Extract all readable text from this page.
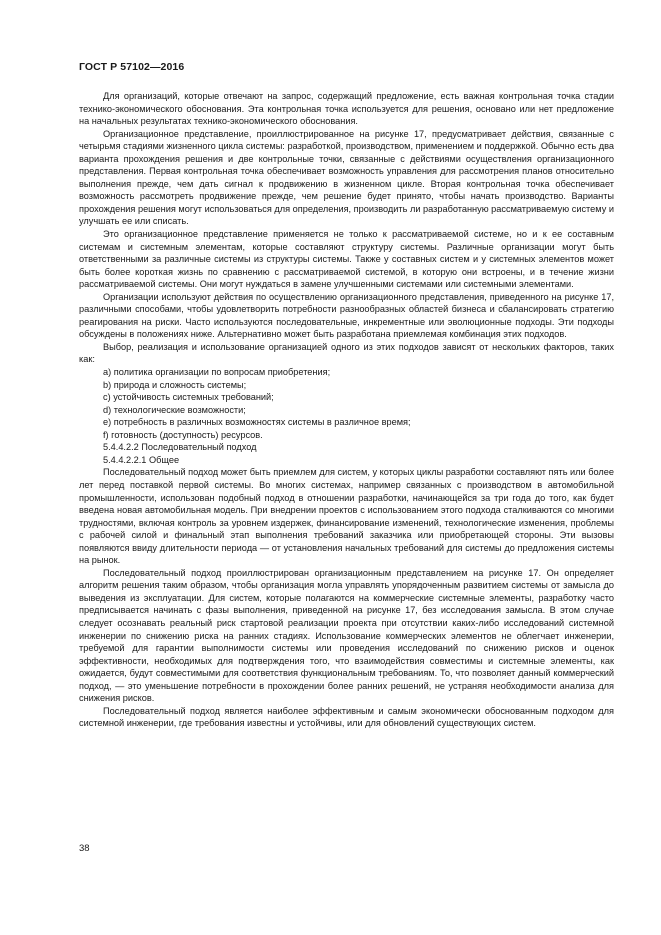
ГОСТ Р 57102—2016

Для организаций, которые отвечают на запрос, содержащий предложение, есть важная контрольная точка стадии технико-экономического обоснования. Эта контрольная точка используется для решения, основано или нет предложение на начальных результатах технико-экономического обоснования.

Организационное представление, проиллюстрированное на рисунке 17, предусматривает действия, связанные с четырьмя стадиями жизненного цикла системы: разработкой, производством, применением и поддержкой. Обычно есть два варианта прохождения решения и две контрольные точки, связанные с действиями осуществления организационного представления. Первая контрольная точка обеспечивает возможность управления для рассмотрения планов относительно выполнения прежде, чем дать сигнал к продвижению в жизненном цикле. Вторая контрольная точка обеспечивает возможность рассмотреть продвижение прежде, чем решение будет принято, чтобы начать производство. Варианты прохождения решения могут использоваться для определения, производить ли разработанную рассматриваемую систему и улучшать ее или списать.

Это организационное представление применяется не только к рассматриваемой системе, но и к ее составным системам и системным элементам, которые составляют структуру системы. Различные организации могут быть ответственными за различные системы из структуры системы. Также у составных систем и у системных элементов может быть более короткая жизнь по сравнению с рассматриваемой системой, в которую они встроены, и в течение жизни рассматриваемой системы. Они могут нуждаться в замене улучшенными системами или системными элементами.

Организации используют действия по осуществлению организационного представления, приведенного на рисунке 17, различными способами, чтобы удовлетворить потребности разнообразных областей бизнеса и сбалансировать стратегию реагирования на риски. Часто используются последовательные, инкрементные или эволюционные подходы. Эти подходы обсуждены в положениях ниже. Альтернативно может быть разработана приемлемая комбинация этих подходов.

Выбор, реализация и использование организацией одного из этих подходов зависят от нескольких факторов, таких как:

a) политика организации по вопросам приобретения;

b) природа и сложность системы;

c) устойчивость системных требований;

d) технологические возможности;

e) потребность в различных возможностях системы в различное время;

f) готовность (доступность) ресурсов.

5.4.4.2.2 Последовательный подход

5.4.4.2.2.1 Общее

Последовательный подход может быть приемлем для систем, у которых циклы разработки составляют пять или более лет перед поставкой первой системы. Во многих системах, например связанных с производством в автомобильной промышленности, использован подобный подход в отношении разработки, начинающейся за три года до того, как будет введена новая автомобильная модель. При внедрении проектов с использованием этого подхода сталкиваются со многими трудностями, включая контроль за уровнем издержек, финансирование изменений, технологические изменения, проблемы с рабочей силой и финальный этап выполнения требований заказчика или приобретающей стороны. Эти вызовы появляются ввиду длительности периода — от установления начальных требований для системы до предложения системы на рынок.

Последовательный подход проиллюстрирован организационным представлением на рисунке 17. Он определяет алгоритм решения таким образом, чтобы организация могла управлять упорядоченным развитием системы от замысла до выведения из эксплуатации. Для систем, которые полагаются на коммерческие системные элементы, разработку часто предписывается начинать с фазы выполнения, приведенной на рисунке 17, без исследования замысла. В этом случае следует осознавать реальный риск стартовой реализации проекта при отсутствии каких-либо исследований системной инженерии по снижению риска на ранних стадиях. Использование коммерческих элементов не облегчает инженерии, требуемой для гарантии выполнимости системы или проведения исследований по снижению рисков и оценок эффективности, необходимых для подтверждения того, что взаимодействия совместимы и системные элементы, как ожидается, будут совместимыми для соответствия функциональным требованиям. То, что позволяет данный коммерческий подход, — это уменьшение потребности в прохождении более ранних решений, не устраняя необходимости анализа для снижения рисков.

Последовательный подход является наиболее эффективным и самым экономически обоснованным подходом для системной инженерии, где требования известны и устойчивы, или для обновлений существующих систем.

38
